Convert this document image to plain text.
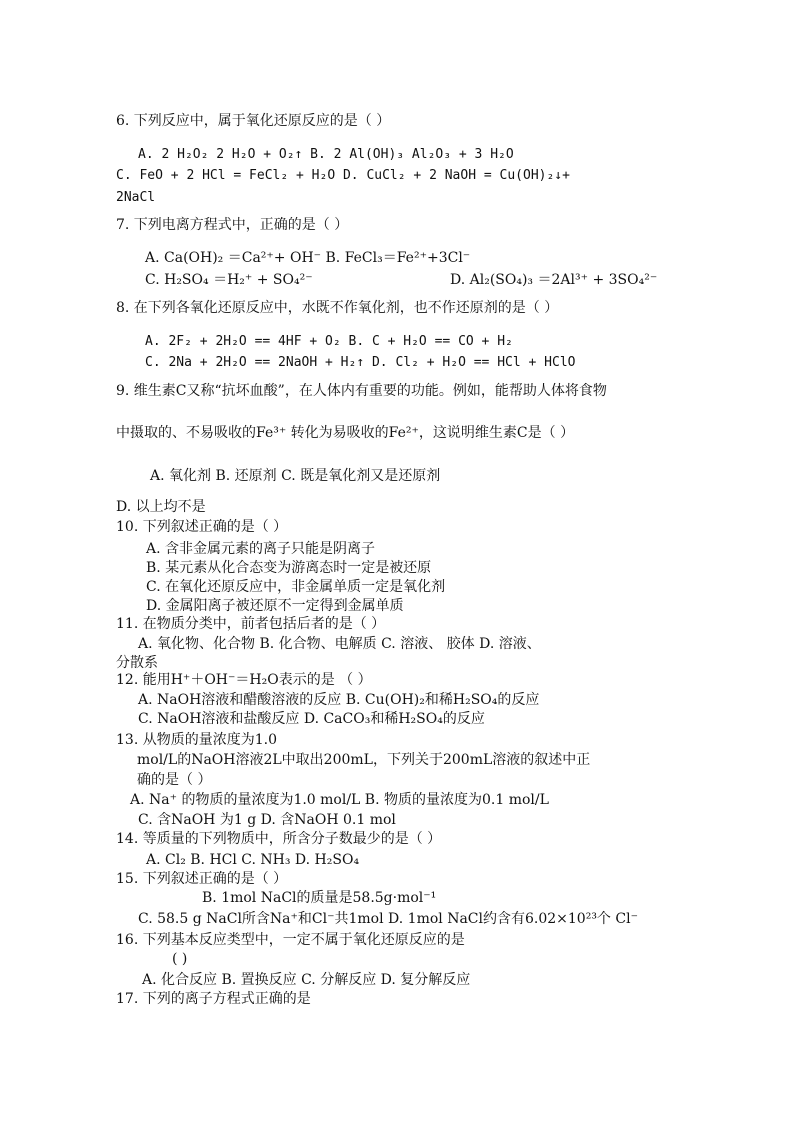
6. 下列反应中，属于氧化还原反应的是（ ）
A. 2 H₂O₂ 2 H₂O + O₂↑ B. 2 Al(OH)₃ Al₂O₃ + 3 H₂O
C. FeO + 2 HCl = FeCl₂ + H₂O D. CuCl₂ + 2 NaOH = Cu(OH)₂↓+
2NaCl
7. 下列电离方程式中，正确的是（ ）
A. Ca(OH)₂ ＝Ca²⁺+ OH⁻ B. FeCl₃＝Fe²⁺+3Cl⁻
C. H₂SO₄ ＝H₂⁺ + SO₄²⁻	D. Al₂(SO₄)₃ ＝2Al³⁺ + 3SO₄²⁻
8. 在下列各氧化还原反应中，水既不作氧化剂，也不作还原剂的是（ ）
A. 2F₂ + 2H₂O == 4HF + O₂ B. C + H₂O == CO + H₂
C. 2Na + 2H₂O == 2NaOH + H₂↑ D. Cl₂ + H₂O == HCl + HClO
9. 维生素C又称“抗坏血酸”，在人体内有重要的功能。例如，能帮助人体将食物
中摄取的、不易吸收的Fe³⁺ 转化为易吸收的Fe²⁺，这说明维生素C是（ ）
A. 氧化剂 B. 还原剂 C. 既是氧化剂又是还原剂
D. 以上均不是
10. 下列叙述正确的是（ ）
A. 含非金属元素的离子只能是阴离子
B. 某元素从化合态变为游离态时一定是被还原
C. 在氧化还原反应中，非金属单质一定是氧化剂
D. 金属阳离子被还原不一定得到金属单质
11. 在物质分类中，前者包括后者的是（ ）
A. 氧化物、化合物 B. 化合物、电解质 C. 溶液、 胶体 D. 溶液、
分散系
12. 能用H⁺＋OH⁻＝H₂O表示的是 （ ）
A. NaOH溶液和醋酸溶液的反应 B. Cu(OH)₂和稀H₂SO₄的反应
C. NaOH溶液和盐酸反应 D. CaCO₃和稀H₂SO₄的反应
13. 从物质的量浓度为1.0
mol/L的NaOH溶液2L中取出200mL，下列关于200mL溶液的叙述中正
确的是（ ）
A. Na⁺ 的物质的量浓度为1.0 mol/L B. 物质的量浓度为0.1 mol/L
C. 含NaOH 为1 g D. 含NaOH 0.1 mol
14. 等质量的下列物质中，所含分子数最少的是（ ）
A. Cl₂ B. HCl C. NH₃ D. H₂SO₄
15. 下列叙述正确的是（ ）
B. 1mol NaCl的质量是58.5g·mol⁻¹
C. 58.5 g NaCl所含Na⁺和Cl⁻共1mol D. 1mol NaCl约含有6.02×10²³个 Cl⁻
16. 下列基本反应类型中，一定不属于氧化还原反应的是
( )
A. 化合反应 B. 置换反应 C. 分解反应 D. 复分解反应
17. 下列的离子方程式正确的是
